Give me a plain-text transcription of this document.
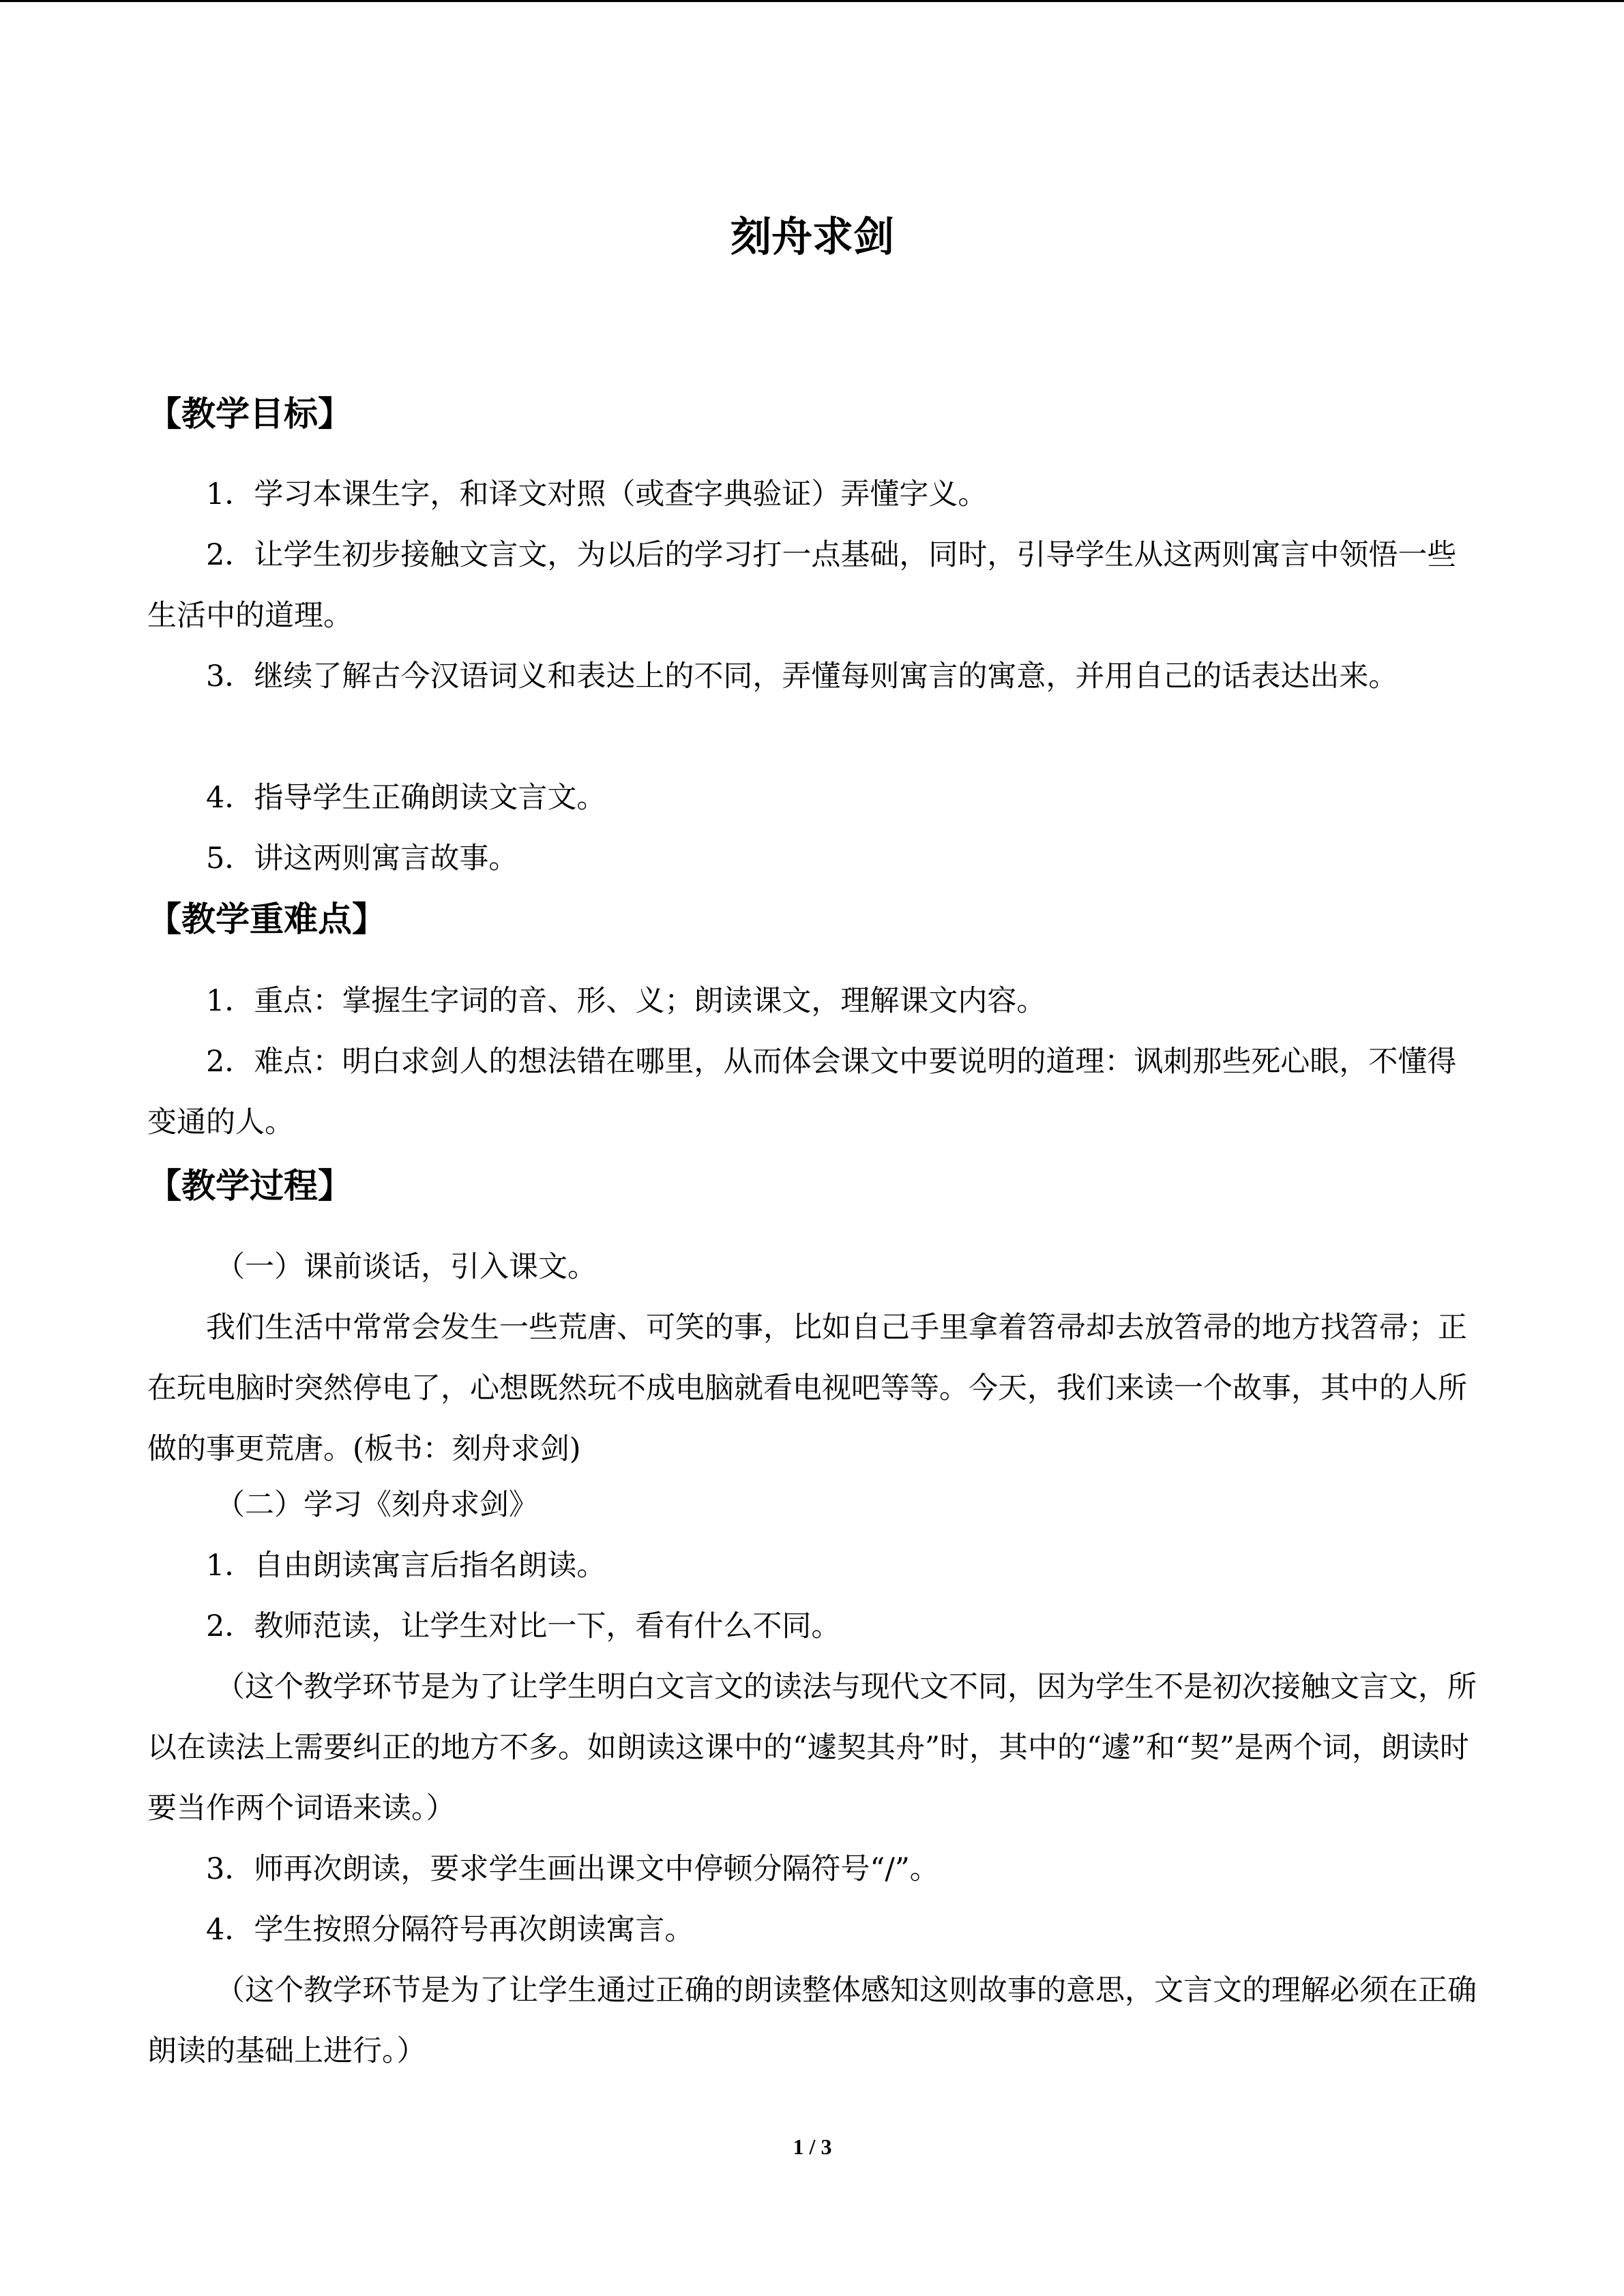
刻舟求剑
【教学目标】

1．学习本课生字，和译文对照（或查字典验证）弄懂字义。

2．让学生初步接触文言文，为以后的学习打一点基础，同时，引导学生从这两则寓言中领悟一些生活中的道理。

3．继续了解古今汉语词义和表达上的不同，弄懂每则寓言的寓意，并用自己的话表达出来。

4．指导学生正确朗读文言文。

5．讲这两则寓言故事。

【教学重难点】

1．重点：掌握生字词的音、形、义；朗读课文，理解课文内容。

2．难点：明白求剑人的想法错在哪里，从而体会课文中要说明的道理：讽刺那些死心眼，不懂得变通的人。

【教学过程】

（一）课前谈话，引入课文。

我们生活中常常会发生一些荒唐、可笑的事，比如自己手里拿着笤帚却去放笤帚的地方找笤帚；正在玩电脑时突然停电了，心想既然玩不成电脑就看电视吧等等。今天，我们来读一个故事，其中的人所做的事更荒唐。(板书：刻舟求剑)

（二）学习《刻舟求剑》

1．自由朗读寓言后指名朗读。

2．教师范读，让学生对比一下，看有什么不同。

（这个教学环节是为了让学生明白文言文的读法与现代文不同，因为学生不是初次接触文言文，所以在读法上需要纠正的地方不多。如朗读这课中的“遽契其舟”时，其中的“遽”和“契”是两个词，朗读时要当作两个词语来读。）

3．师再次朗读，要求学生画出课文中停顿分隔符号“/”。

4．学生按照分隔符号再次朗读寓言。

（这个教学环节是为了让学生通过正确的朗读整体感知这则故事的意思，文言文的理解必须在正确朗读的基础上进行。）

1 / 3
